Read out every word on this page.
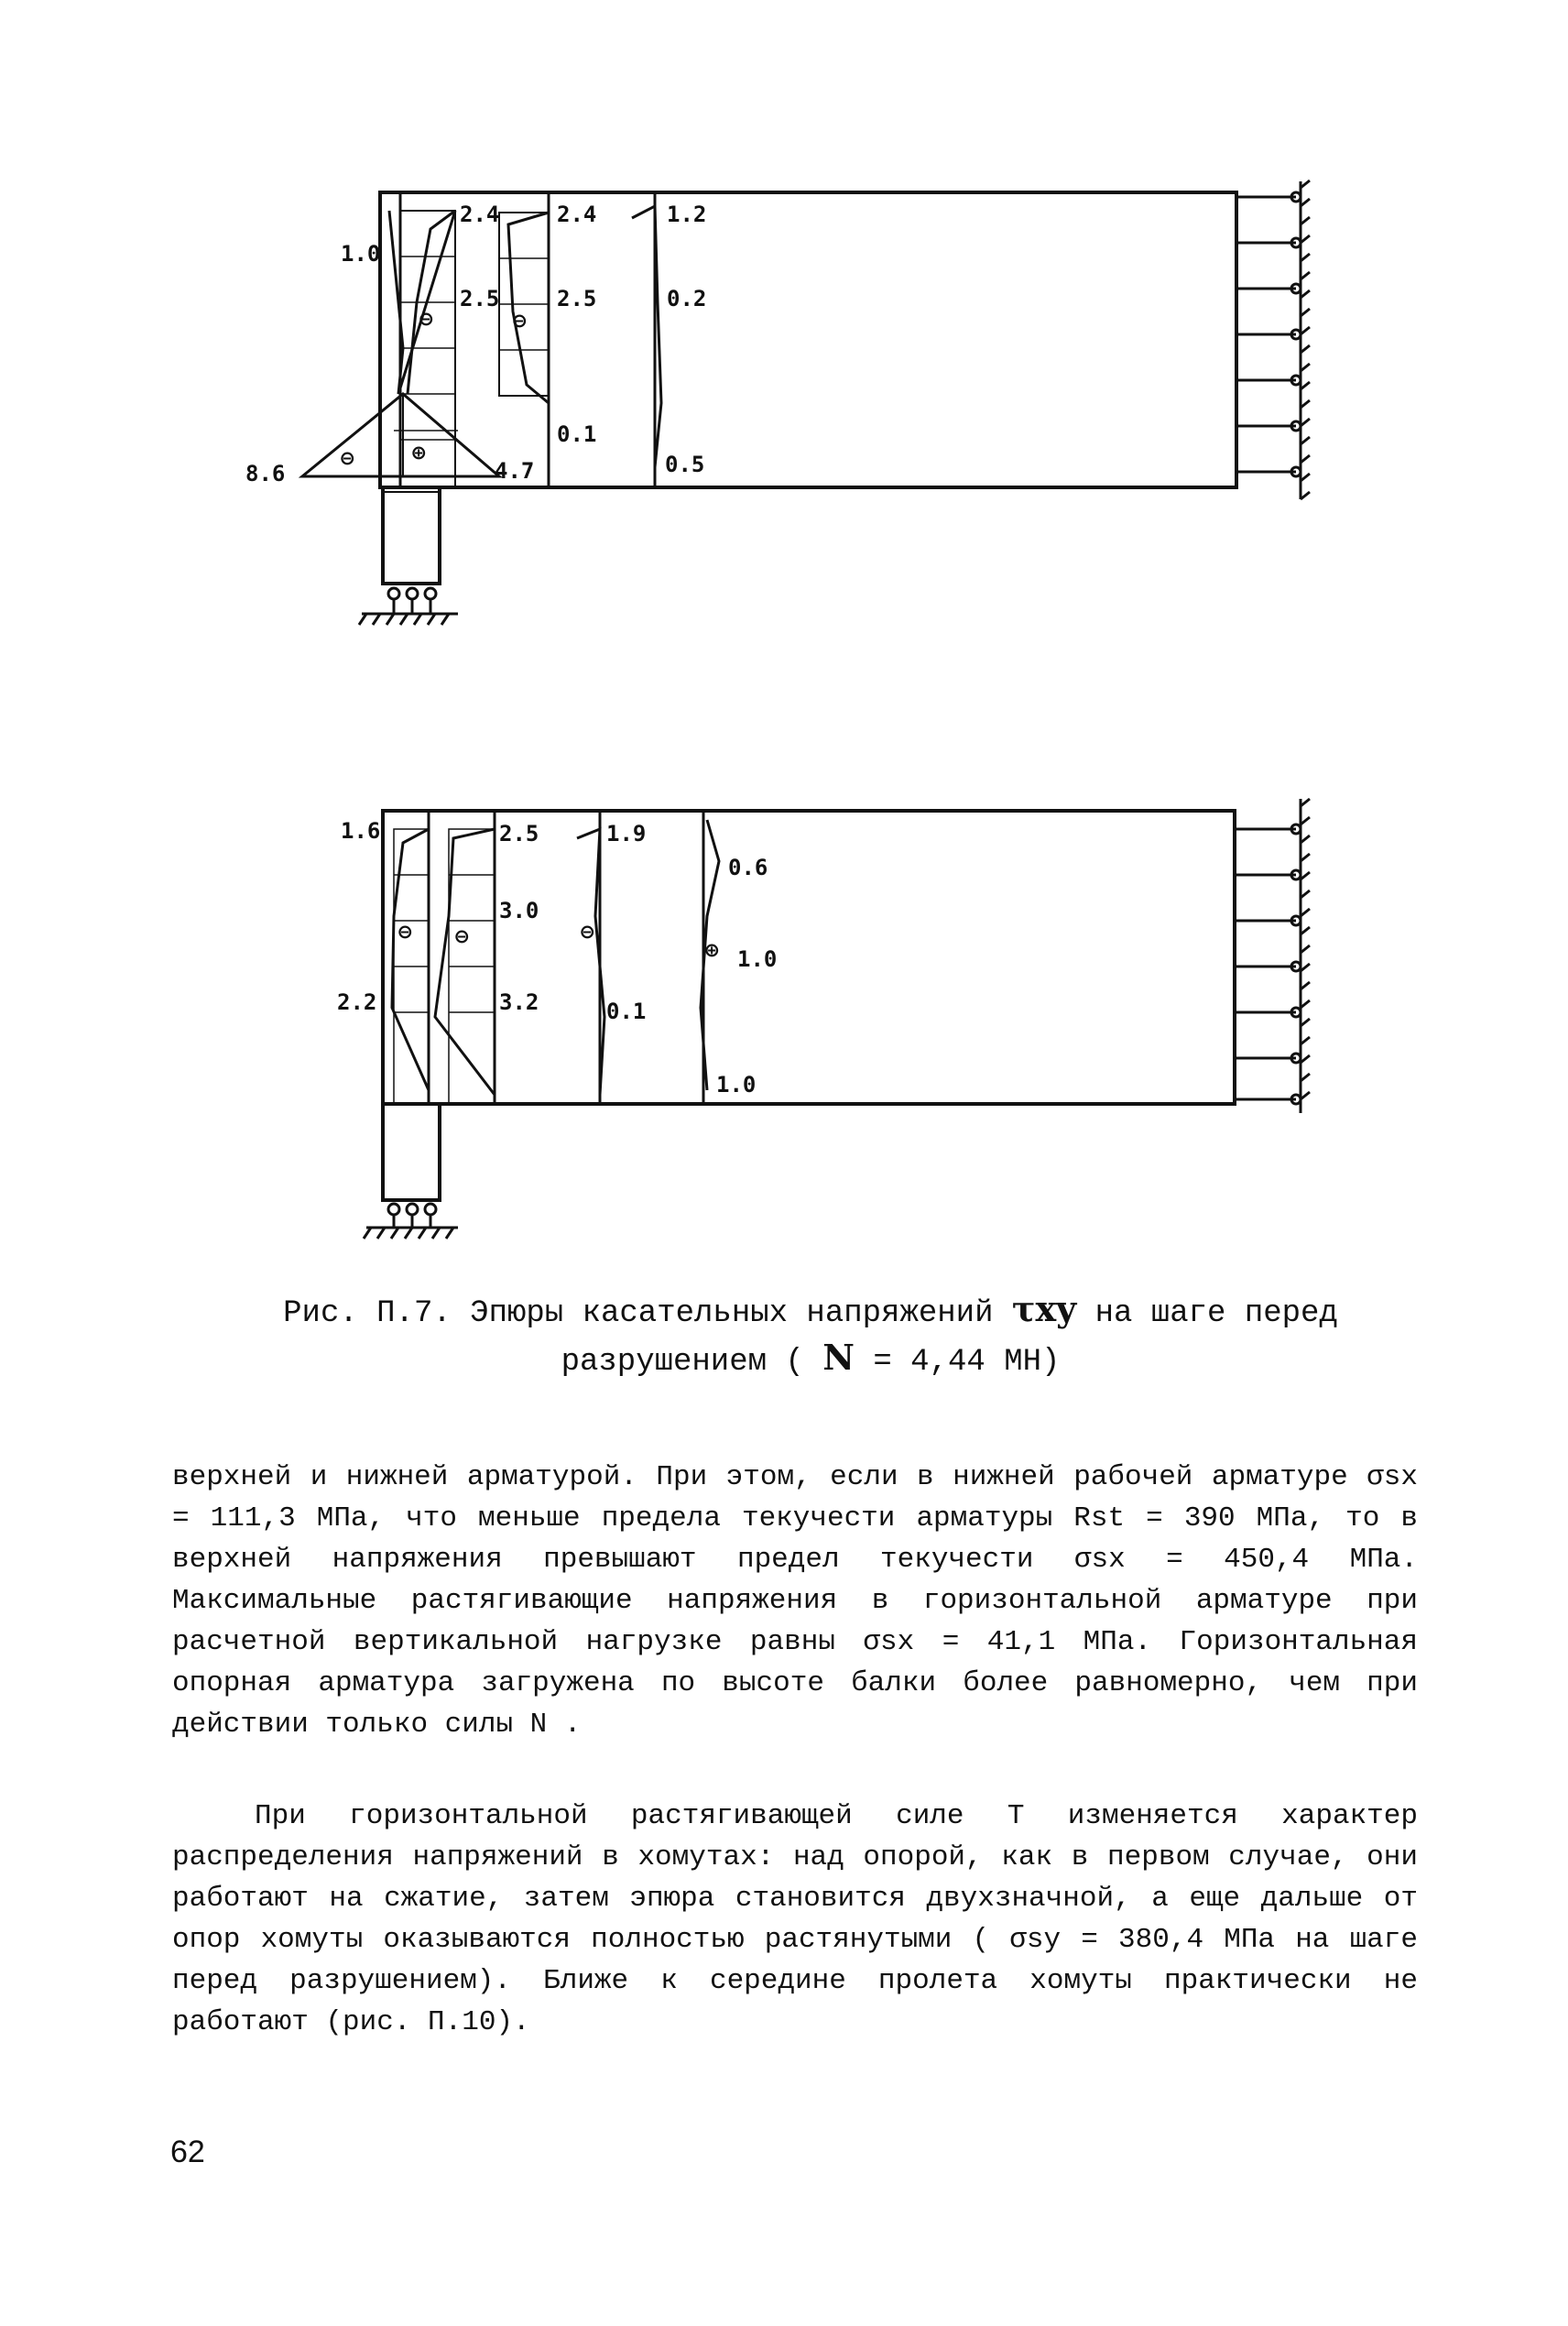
1.0
2.4
2.5
2.4
2.5
1.2
0.2
0.1
0.5
8.6	4.7
⊖	⊖
⊖	⊕
1.6	2.5	1.9
0.6
3.0
1.0
2.2	3.2	0.1
1.0
⊖ ⊖	⊖
⊕
Рис. П.7. Эпюры касательных напряжений τxy на шаге перед
разрушением ( N = 4,44 МН)
верхней и нижней арматурой. При этом, если в нижней рабочей арматуре σsx = 111,3 МПа, что меньше предела текучести арматуры Rst = 390 МПа, то в верхней напряжения превышают предел текучести σsx = 450,4 МПа. Максимальные растягивающие напряжения в горизонтальной арматуре при расчетной вертикальной нагрузке равны σsx = 41,1 МПа. Горизонтальная опорная арматура загружена по высоте балки более равномерно, чем при действии только силы N .
При горизонтальной растягивающей силе Т изменяется характер распределения напряжений в хомутах: над опорой, как в первом случае, они работают на сжатие, затем эпюра становится двухзначной, а еще дальше от опор хомуты оказываются полностью растянутыми ( σsy = 380,4 МПа на шаге перед разрушением). Ближе к середине пролета хомуты практически не работают (рис. П.10).
62
